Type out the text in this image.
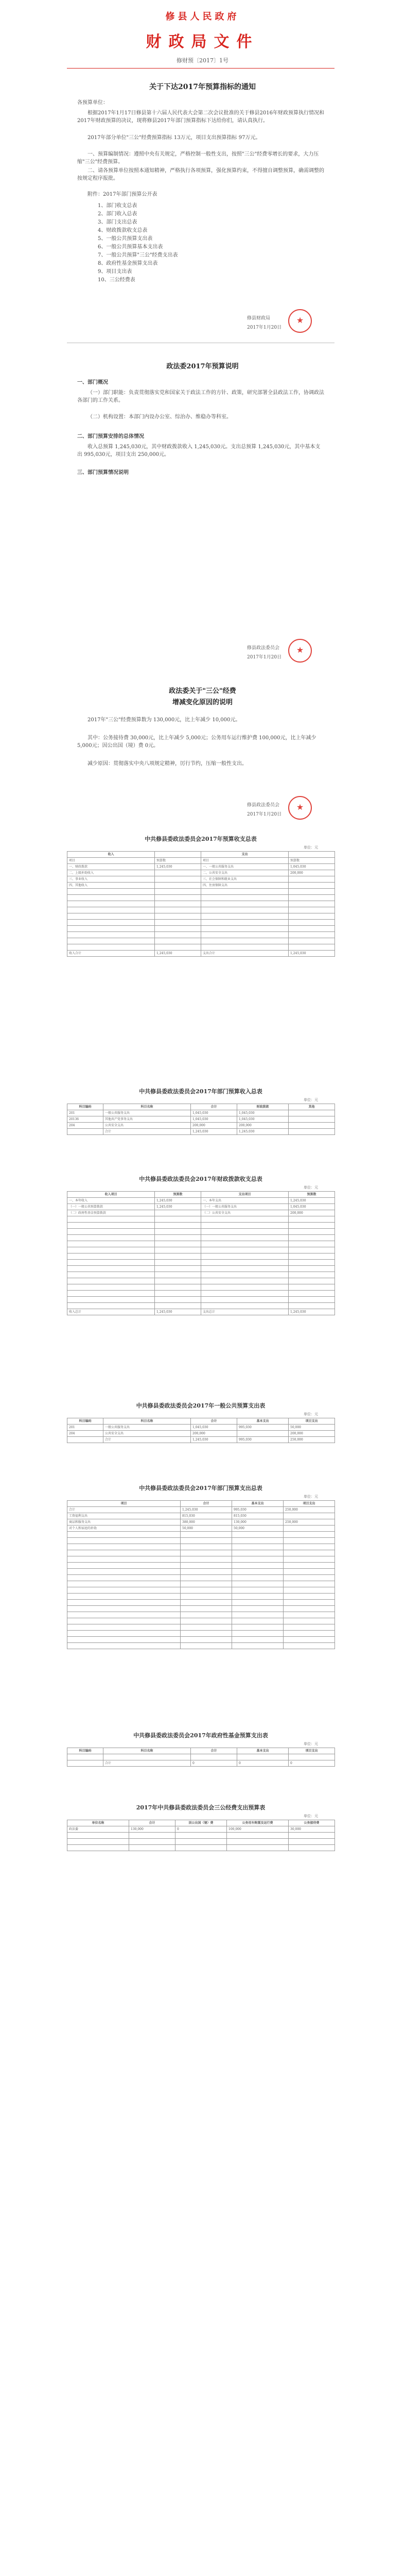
修县人民政府
财政局文件
修财预〔2017〕1号
关于下达2017年预算指标的通知
各预算单位：
根据2017年1月17日修县第十六届人民代表大会第二次会议批准的关于修县2016年财政预算执行情况和2017年财政预算的决议，现将修县2017年部门预算指标下达给你们，请认真执行。
2017年部分单位"三公"经费预算指标 13万元，项目支出预算指标 97万元。
一、预算编制情况：遵照中央有关规定，严格控制一般性支出，按照"三公"经费零增长的要求，大力压缩"三公"经费预算。
二、请各预算单位按照本通知精神，严格执行各项预算，强化预算约束，不得擅自调整预算，确需调整的按规定程序报批。
附件：2017年部门预算公开表
1、部门收支总表
2、部门收入总表
3、部门支出总表
4、财政拨款收支总表
5、一般公共预算支出表
6、一般公共预算基本支出表
7、一般公共预算"三公"经费支出表
8、政府性基金预算支出表
9、项目支出表
10、三公经费表
★
修县财政局
2017年1月20日
政法委2017年预算说明
一、部门概况
（一）部门职能：负责贯彻落实党和国家关于政法工作的方针、政策，研究部署全县政法工作，协调政法各部门的工作关系。
（二）机构设置：本部门内设办公室、综治办、维稳办等科室。
二、部门预算安排的总体情况
收入总预算 1,245,030元，其中财政拨款收入 1,245,030元。支出总预算 1,245,030元，其中基本支出 995,030元，项目支出 250,000元。
三、部门预算情况说明
★
修县政法委员会
2017年1月20日
政法委关于"三公"经费
增减变化原因的说明
2017年"三公"经费预算数为 130,000元，比上年减少 10,000元。
其中：公务接待费 30,000元，比上年减少 5,000元；公务用车运行维护费 100,000元，比上年减少 5,000元；因公出国（境）费 0元。
减少原因：贯彻落实中央八项规定精神，厉行节约，压缩一般性支出。
★
修县政法委员会
2017年1月20日
中共修县委政法委员会2017年预算收支总表
单位：元
收入		支出	
项目	预算数	项目	预算数
一、财政拨款	1,245,030	一、一般公共服务支出	1,045,030
二、上级补助收入		二、公共安全支出	200,000
三、事业收入		三、社会保障和就业支出	
四、其他收入		四、住房保障支出	

收入合计	1,245,030	支出合计	1,245,030
中共修县委政法委员会2017年部门预算收入总表
单位：元
科目编码	科目名称	合计	财政拨款	其他
201	一般公共服务支出	1,045,030	1,045,030	
20136	其他共产党事务支出	1,045,030	1,045,030	
204	公共安全支出	200,000	200,000	
	合计	1,245,030	1,245,030	
中共修县委政法委员会2017年财政拨款收支总表
单位：元
收入项目	预算数	支出项目	预算数
一、本年收入	1,245,030	一、本年支出	1,245,030
（一）一般公共预算拨款	1,245,030	（一）一般公共服务支出	1,045,030
（二）政府性基金预算拨款		（二）公共安全支出	200,000

收入总计	1,245,030	支出总计	1,245,030
中共修县委政法委员会2017年一般公共预算支出表
单位：元
科目编码	科目名称	合计	基本支出	项目支出
201	一般公共服务支出	1,045,030	995,030	50,000
204	公共安全支出	200,000		200,000
	合计	1,245,030	995,030	250,000
中共修县委政法委员会2017年部门预算支出总表
单位：元
项目	合计	基本支出	项目支出
合计	1,245,030	995,030	250,000
工资福利支出	815,030	815,030	
商品和服务支出	380,000	130,000	250,000
对个人和家庭的补助	50,000	50,000	

中共修县委政法委员会2017年政府性基金预算支出表
单位：元
科目编码	科目名称	合计	基本支出	项目支出

	合计	0	0	0
2017年中共修县委政法委员会三公经费支出预算表
单位：元
单位名称	合计	因公出国（境）费	公务用车购置及运行费	公务接待费
政法委	130,000	0	100,000	30,000
